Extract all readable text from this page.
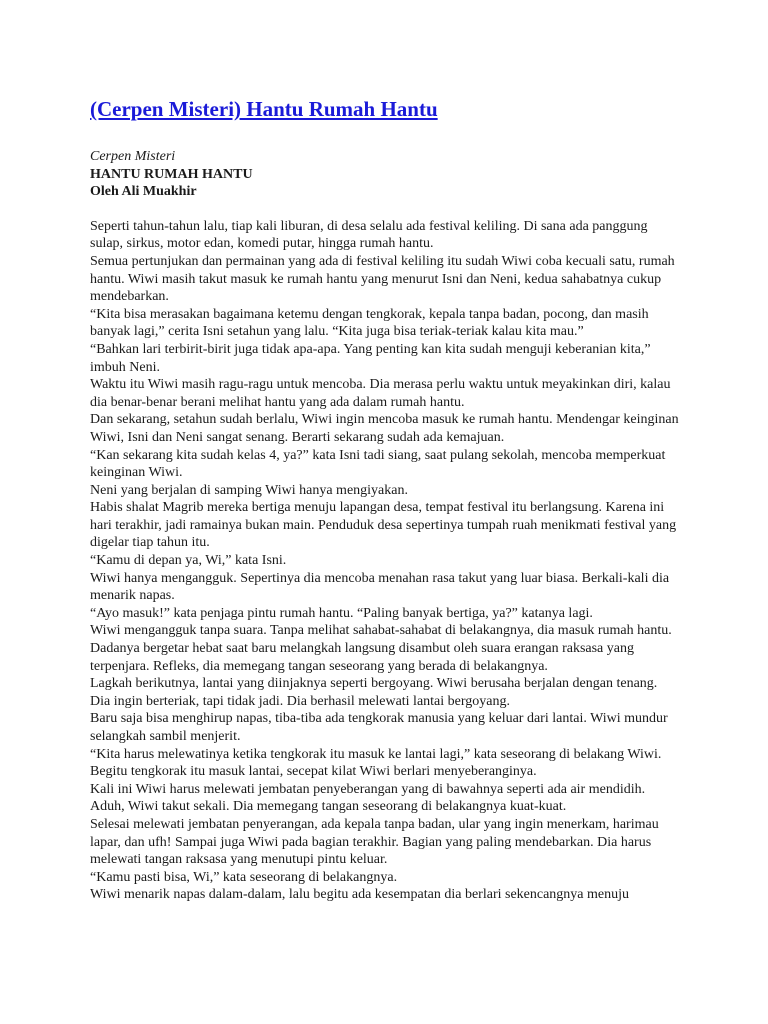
(Cerpen Misteri) Hantu Rumah Hantu
Cerpen Misteri
HANTU RUMAH HANTU
Oleh Ali Muakhir

Seperti tahun-tahun lalu, tiap kali liburan, di desa selalu ada festival keliling. Di sana ada panggung sulap, sirkus, motor edan, komedi putar, hingga rumah hantu.

Semua pertunjukan dan permainan yang ada di festival keliling itu sudah Wiwi coba kecuali satu, rumah hantu. Wiwi masih takut masuk ke rumah hantu yang menurut Isni dan Neni, kedua sahabatnya cukup mendebarkan.

“Kita bisa merasakan bagaimana ketemu dengan tengkorak, kepala tanpa badan, pocong, dan masih banyak lagi,” cerita Isni setahun yang lalu. “Kita juga bisa teriak-teriak kalau kita mau.”

“Bahkan lari terbirit-birit juga tidak apa-apa. Yang penting kan kita sudah menguji keberanian kita,” imbuh Neni.

Waktu itu Wiwi masih ragu-ragu untuk mencoba. Dia merasa perlu waktu untuk meyakinkan diri, kalau dia benar-benar berani melihat hantu yang ada dalam rumah hantu.

Dan sekarang, setahun sudah berlalu, Wiwi ingin mencoba masuk ke rumah hantu. Mendengar keinginan Wiwi, Isni dan Neni sangat senang. Berarti sekarang sudah ada kemajuan.

“Kan sekarang kita sudah kelas 4, ya?” kata Isni tadi siang, saat pulang sekolah, mencoba memperkuat keinginan Wiwi.

Neni yang berjalan di samping Wiwi hanya mengiyakan.

Habis shalat Magrib mereka bertiga menuju lapangan desa, tempat festival itu berlangsung. Karena ini hari terakhir, jadi ramainya bukan main. Penduduk desa sepertinya tumpah ruah menikmati festival yang digelar tiap tahun itu.

“Kamu di depan ya, Wi,” kata Isni.

Wiwi hanya mengangguk. Sepertinya dia mencoba menahan rasa takut yang luar biasa. Berkali-kali dia menarik napas.

“Ayo masuk!” kata penjaga pintu rumah hantu. “Paling banyak bertiga, ya?” katanya lagi.

Wiwi mengangguk tanpa suara. Tanpa melihat sahabat-sahabat di belakangnya, dia masuk rumah hantu. Dadanya bergetar hebat saat baru melangkah langsung disambut oleh suara erangan raksasa yang terpenjara. Refleks, dia memegang tangan seseorang yang berada di belakangnya.

Lagkah berikutnya, lantai yang diinjaknya seperti bergoyang. Wiwi berusaha berjalan dengan tenang. Dia ingin berteriak, tapi tidak jadi. Dia berhasil melewati lantai bergoyang.

Baru saja bisa menghirup napas, tiba-tiba ada tengkorak manusia yang keluar dari lantai. Wiwi mundur selangkah sambil menjerit.

“Kita harus melewatinya ketika tengkorak itu masuk ke lantai lagi,” kata seseorang di belakang Wiwi.

Begitu tengkorak itu masuk lantai, secepat kilat Wiwi berlari menyeberanginya.

Kali ini Wiwi harus melewati jembatan penyeberangan yang di bawahnya seperti ada air mendidih. Aduh, Wiwi takut sekali. Dia memegang tangan seseorang di belakangnya kuat-kuat.

Selesai melewati jembatan penyerangan, ada kepala tanpa badan, ular yang ingin menerkam, harimau lapar, dan ufh! Sampai juga Wiwi pada bagian terakhir. Bagian yang paling mendebarkan. Dia harus melewati tangan raksasa yang menutupi pintu keluar.

“Kamu pasti bisa, Wi,” kata seseorang di belakangnya.

Wiwi menarik napas dalam-dalam, lalu begitu ada kesempatan dia berlari sekencangnya menuju
